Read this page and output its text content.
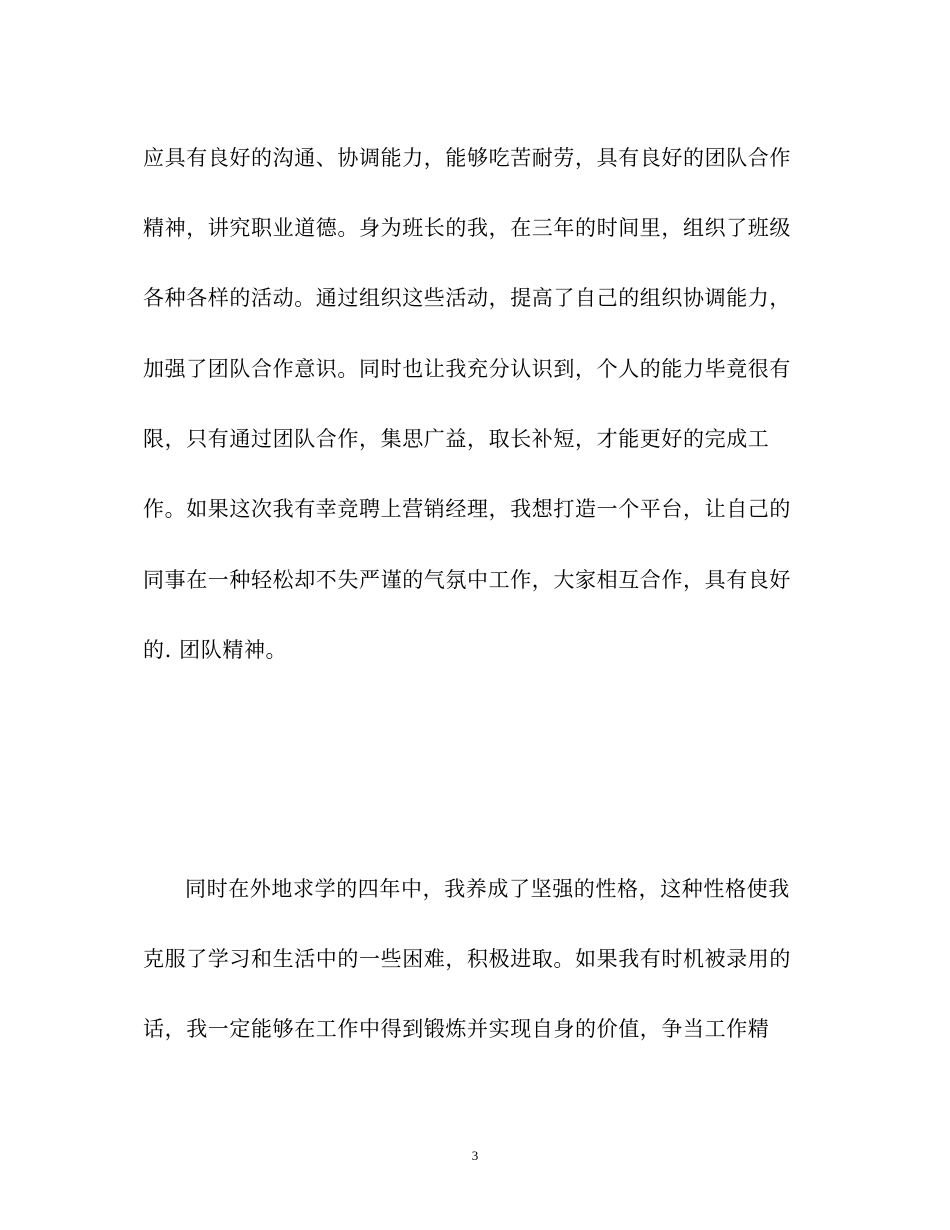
应具有良好的沟通、协调能力，能够吃苦耐劳，具有良好的团队合作
精神，讲究职业道德。身为班长的我，在三年的时间里，组织了班级
各种各样的活动。通过组织这些活动，提高了自己的组织协调能力，
加强了团队合作意识。同时也让我充分认识到，个人的能力毕竟很有
限，只有通过团队合作，集思广益，取长补短，才能更好的完成工
作。如果这次我有幸竞聘上营销经理，我想打造一个平台，让自己的
同事在一种轻松却不失严谨的气氛中工作，大家相互合作，具有良好
的. 团队精神。
同时在外地求学的四年中，我养成了坚强的性格，这种性格使我
克服了学习和生活中的一些困难，积极进取。如果我有时机被录用的
话，我一定能够在工作中得到锻炼并实现自身的价值，争当工作精
3
